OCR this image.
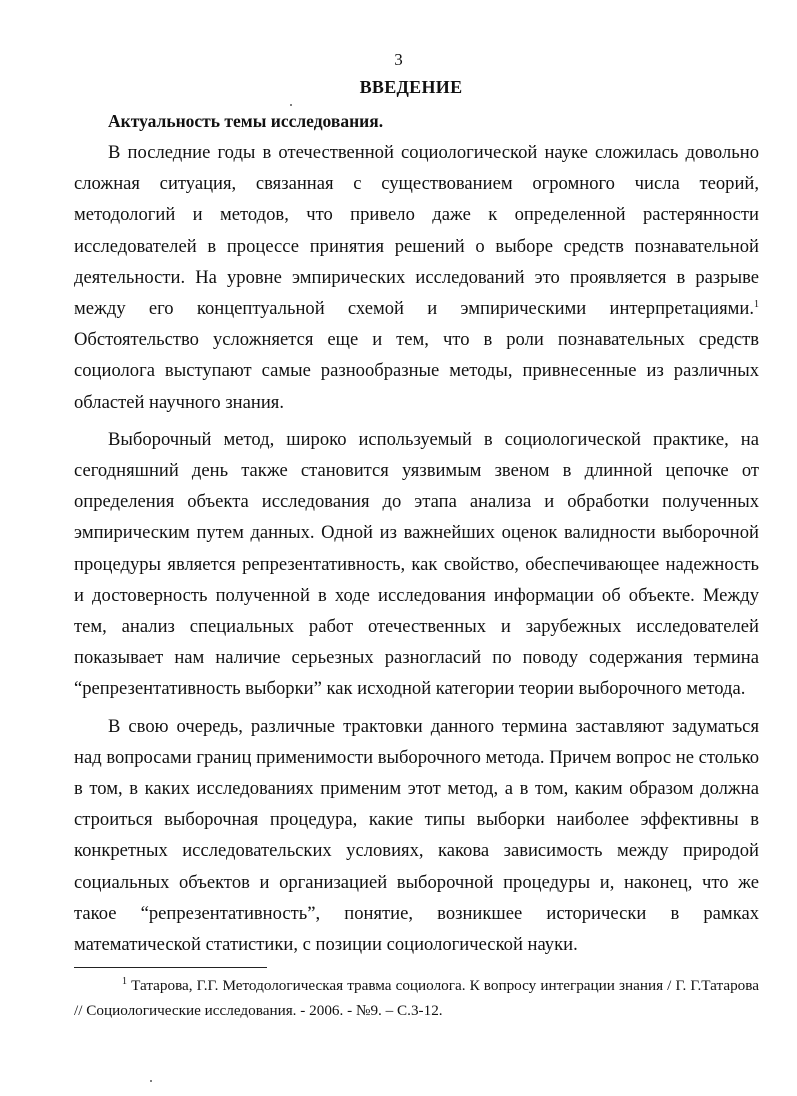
3
ВВЕДЕНИЕ
Актуальность темы исследования.

В последние годы в отечественной социологической науке сложилась довольно сложная ситуация, связанная с существованием огромного числа теорий, методологий и методов, что привело даже к определенной растерянности исследователей в процессе принятия решений о выборе средств познавательной деятельности. На уровне эмпирических исследований это проявляется в разрыве между его концептуальной схемой и эмпирическими интерпретациями.$^1$ Обстоятельство усложняется еще и тем, что в роли познавательных средств социолога выступают самые разнообразные методы, привнесенные из различных областей научного знания.

Выборочный метод, широко используемый в социологической практике, на сегодняшний день также становится уязвимым звеном в длинной цепочке от определения объекта исследования до этапа анализа и обработки полученных эмпирическим путем данных. Одной из важнейших оценок валидности выборочной процедуры является репрезентативность, как свойство, обеспечивающее надежность и достоверность полученной в ходе исследования информации об объекте. Между тем, анализ специальных работ отечественных и зарубежных исследователей показывает нам наличие серьезных разногласий по поводу содержания термина “репрезентативность выборки” как исходной категории теории выборочного метода.

В свою очередь, различные трактовки данного термина заставляют задуматься над вопросами границ применимости выборочного метода. Причем вопрос не столько в том, в каких исследованиях применим этот метод, а в том, каким образом должна строиться выборочная процедура, какие типы выборки наиболее эффективны в конкретных исследовательских условиях, какова зависимость между природой социальных объектов и организацией выборочной процедуры и, наконец, что же такое “репрезентативность”, понятие, возникшее исторически в рамках математической статистики, с позиции социологической науки.

$^1$ Татарова, Г.Г. Методологическая травма социолога. К вопросу интеграции знания / Г. Г.Татарова // Социологические исследования. - 2006. - №9. – С.3-12.
